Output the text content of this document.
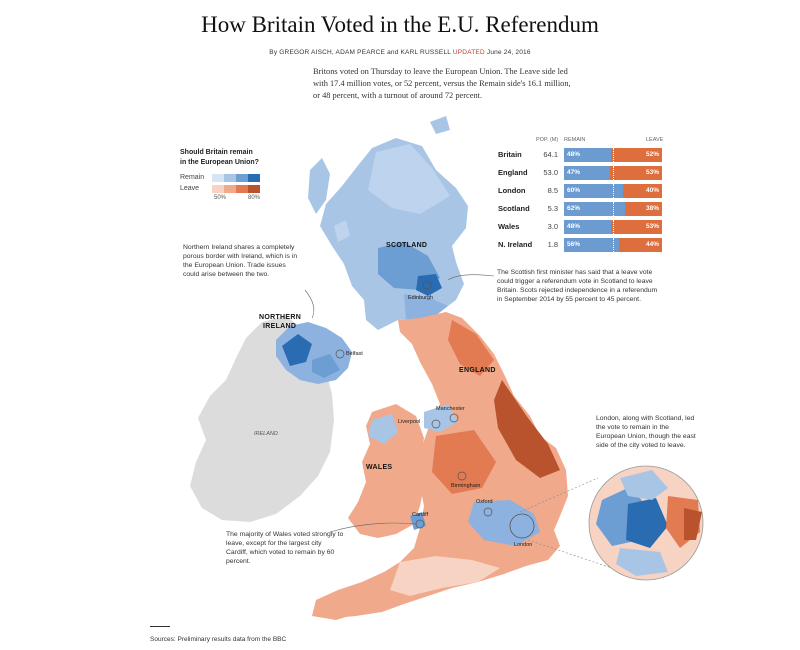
How Britain Voted in the E.U. Referendum
By GREGOR AISCH, ADAM PEARCE and KARL RUSSELL UPDATED June 24, 2016
Britons voted on Thursday to leave the European Union. The Leave side led with 17.4 million votes, or 52 percent, versus the Remain side's 16.1 million, or 48 percent, with a turnout of around 72 percent.
Should Britain remain
in the European Union?
Remain
Leave
50%	80%
POP. (M) REMAIN	LEAVE
Britain	64.1 48%	52%
England	53.0 47%	53%
London	8.5 60%	40%
Scotland	5.3 62%	38%
Wales	3.0 48%	53%
N. Ireland	1.8 56%	44%
Northern Ireland shares a completely porous border with Ireland, which is in the European Union. Trade issues could arise between the two.	The Scottish first minister has said that a leave vote could trigger a referendum vote in Scotland to leave Britain. Scots rejected independence in a referendum in September 2014 by 55 percent to 45 percent.
London, along with Scotland, led the vote to remain in the European Union, though the east side of the city voted to leave.
The majority of Wales voted strongly to leave, except for the largest city Cardiff, which voted to remain by 60 percent.
SCOTLAND
NORTHERN
IRELAND
ENGLAND
WALES
IRELAND
Edinburgh
Belfast
Manchester
Liverpool
Birmingham
Oxford
Cardiff
London
Sources: Preliminary results data from the BBC
